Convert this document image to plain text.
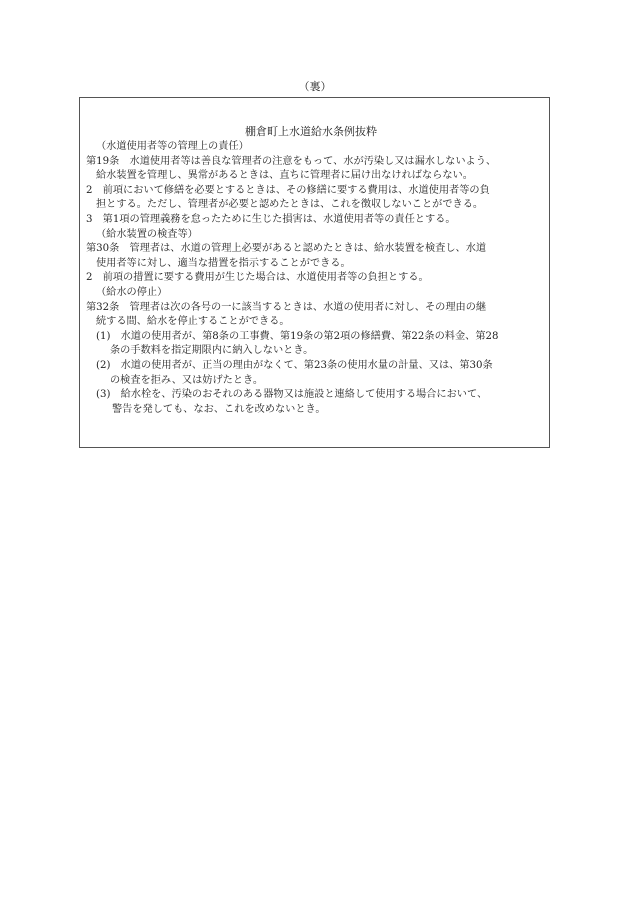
（裏）
棚倉町上水道給水条例抜粋
（水道使用者等の管理上の責任）
第19条　水道使用者等は善良な管理者の注意をもって、水が汚染し又は漏水しないよう、
給水装置を管理し、異常があるときは、直ちに管理者に届け出なければならない。
2　前項において修繕を必要とするときは、その修繕に要する費用は、水道使用者等の負
担とする。ただし、管理者が必要と認めたときは、これを徴収しないことができる。
3　第1項の管理義務を怠ったために生じた損害は、水道使用者等の責任とする。
（給水装置の検査等）
第30条　管理者は、水道の管理上必要があると認めたときは、給水装置を検査し、水道
使用者等に対し、適当な措置を指示することができる。
2　前項の措置に要する費用が生じた場合は、水道使用者等の負担とする。
（給水の停止）
第32条　管理者は次の各号の一に該当するときは、水道の使用者に対し、その理由の継
続する間、給水を停止することができる。
(1)　水道の使用者が、第8条の工事費、第19条の第2項の修繕費、第22条の料金、第28
条の手数料を指定期限内に納入しないとき。
(2)　水道の使用者が、正当の理由がなくて、第23条の使用水量の計量、又は、第30条
の検査を拒み、又は妨げたとき。
(3)　給水栓を、汚染のおそれのある器物又は施設と連絡して使用する場合において、
警告を発しても、なお、これを改めないとき。
